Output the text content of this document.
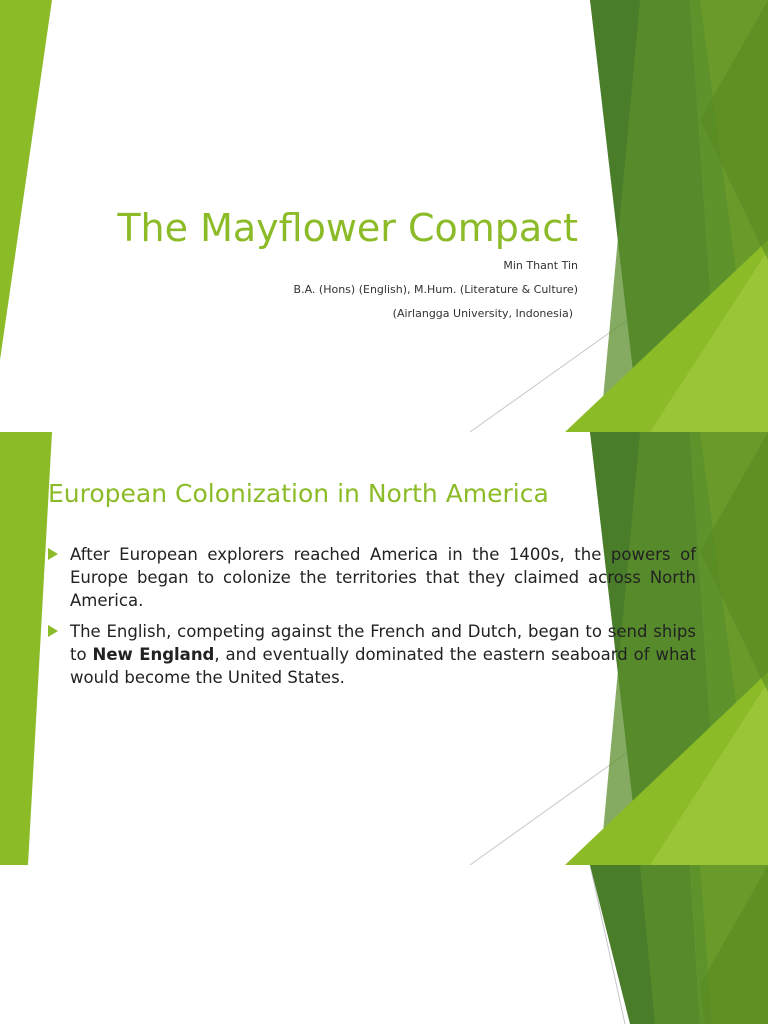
The Mayflower Compact
Min Thant Tin
B.A. (Hons) (English), M.Hum. (Literature & Culture)
(Airlangga University, Indonesia)
European Colonization in North America
After European explorers reached America in the 1400s, the powers of Europe began to colonize the territories that they claimed across North America.
The English, competing against the French and Dutch, began to send ships to New England, and eventually dominated the eastern seaboard of what would become the United States.
